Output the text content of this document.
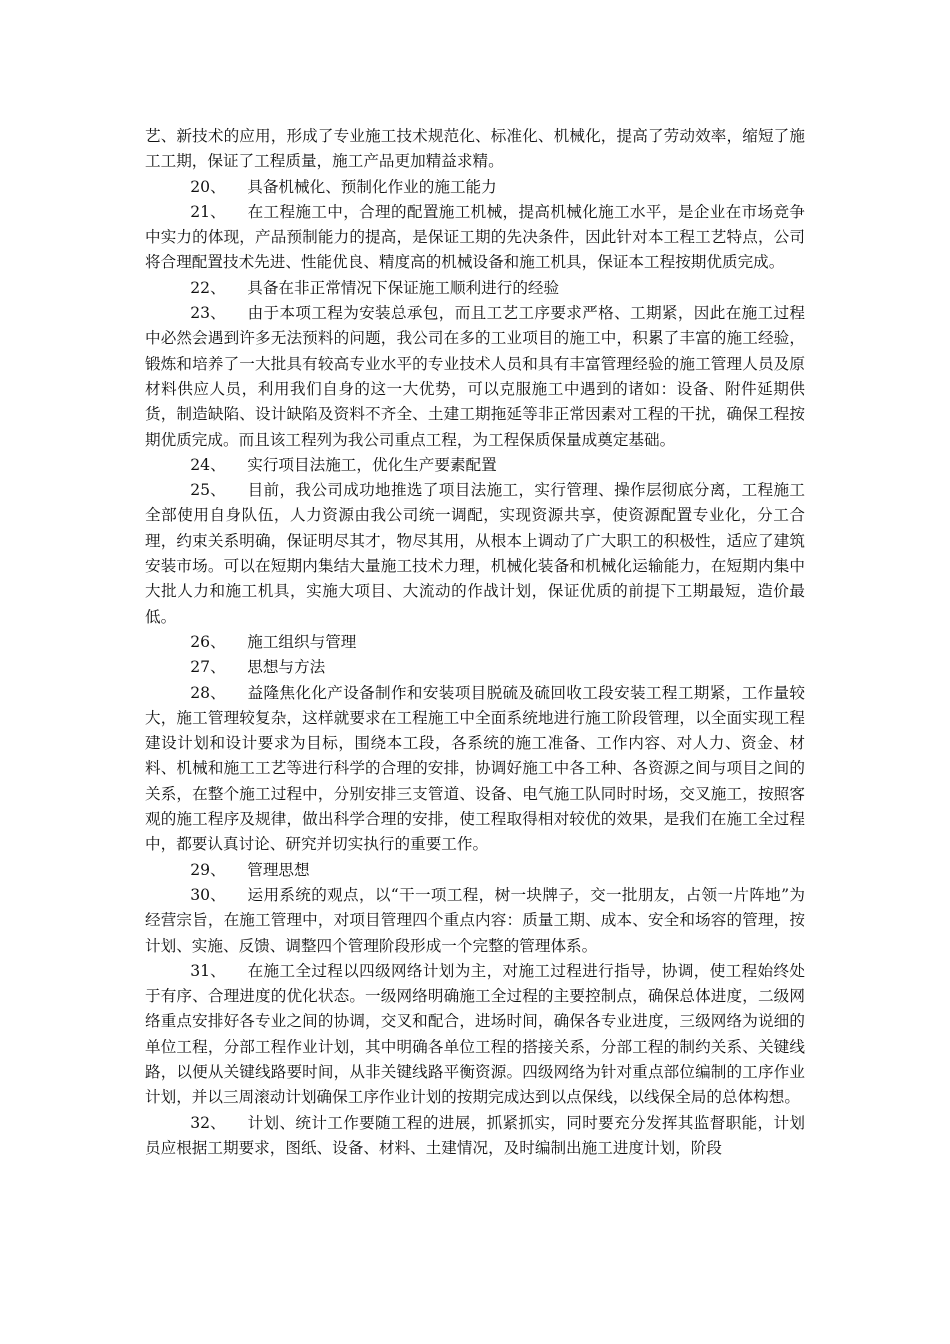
艺、新技术的应用，形成了专业施工技术规范化、标准化、机械化，提高了劳动效率，缩短了施工工期，保证了工程质量，施工产品更加精益求精。

20、 具备机械化、预制化作业的施工能力

21、 在工程施工中，合理的配置施工机械，提高机械化施工水平，是企业在市场竞争中实力的体现，产品预制能力的提高，是保证工期的先决条件，因此针对本工程工艺特点，公司将合理配置技术先进、性能优良、精度高的机械设备和施工机具，保证本工程按期优质完成。

22、 具备在非正常情况下保证施工顺利进行的经验

23、 由于本项工程为安装总承包，而且工艺工序要求严格、工期紧，因此在施工过程中必然会遇到许多无法预料的问题，我公司在多的工业项目的施工中，积累了丰富的施工经验，锻炼和培养了一大批具有较高专业水平的专业技术人员和具有丰富管理经验的施工管理人员及原材料供应人员，利用我们自身的这一大优势，可以克服施工中遇到的诸如：设备、附件延期供货，制造缺陷、设计缺陷及资料不齐全、土建工期拖延等非正常因素对工程的干扰，确保工程按期优质完成。而且该工程列为我公司重点工程，为工程保质保量成奠定基础。

24、 实行项目法施工，优化生产要素配置

25、 目前，我公司成功地推选了项目法施工，实行管理、操作层彻底分离，工程施工全部使用自身队伍，人力资源由我公司统一调配，实现资源共享，使资源配置专业化，分工合理，约束关系明确，保证明尽其才，物尽其用，从根本上调动了广大职工的积极性，适应了建筑安装市场。可以在短期内集结大量施工技术力理，机械化装备和机械化运输能力，在短期内集中大批人力和施工机具，实施大项目、大流动的作战计划，保证优质的前提下工期最短，造价最低。

26、 施工组织与管理

27、 思想与方法

28、 益隆焦化化产设备制作和安装项目脱硫及硫回收工段安装工程工期紧，工作量较大，施工管理较复杂，这样就要求在工程施工中全面系统地进行施工阶段管理，以全面实现工程建设计划和设计要求为目标，围绕本工段，各系统的施工准备、工作内容、对人力、资金、材料、机械和施工工艺等进行科学的合理的安排，协调好施工中各工种、各资源之间与项目之间的关系，在整个施工过程中，分别安排三支管道、设备、电气施工队同时时场，交叉施工，按照客观的施工程序及规律，做出科学合理的安排，使工程取得相对较优的效果，是我们在施工全过程中，都要认真讨论、研究并切实执行的重要工作。

29、 管理思想

30、 运用系统的观点，以“干一项工程，树一块牌子，交一批朋友，占领一片阵地”为经营宗旨，在施工管理中，对项目管理四个重点内容：质量工期、成本、安全和场容的管理，按计划、实施、反馈、调整四个管理阶段形成一个完整的管理体系。

31、 在施工全过程以四级网络计划为主，对施工过程进行指导，协调，使工程始终处于有序、合理进度的优化状态。一级网络明确施工全过程的主要控制点，确保总体进度，二级网络重点安排好各专业之间的协调，交叉和配合，进场时间，确保各专业进度，三级网络为说细的单位工程，分部工程作业计划，其中明确各单位工程的搭接关系，分部工程的制约关系、关键线路，以便从关键线路要时间，从非关键线路平衡资源。四级网络为针对重点部位编制的工序作业计划，并以三周滚动计划确保工序作业计划的按期完成达到以点保线，以线保全局的总体构想。

32、 计划、统计工作要随工程的进展，抓紧抓实，同时要充分发挥其监督职能，计划员应根据工期要求，图纸、设备、材料、土建情况，及时编制出施工进度计划，阶段
